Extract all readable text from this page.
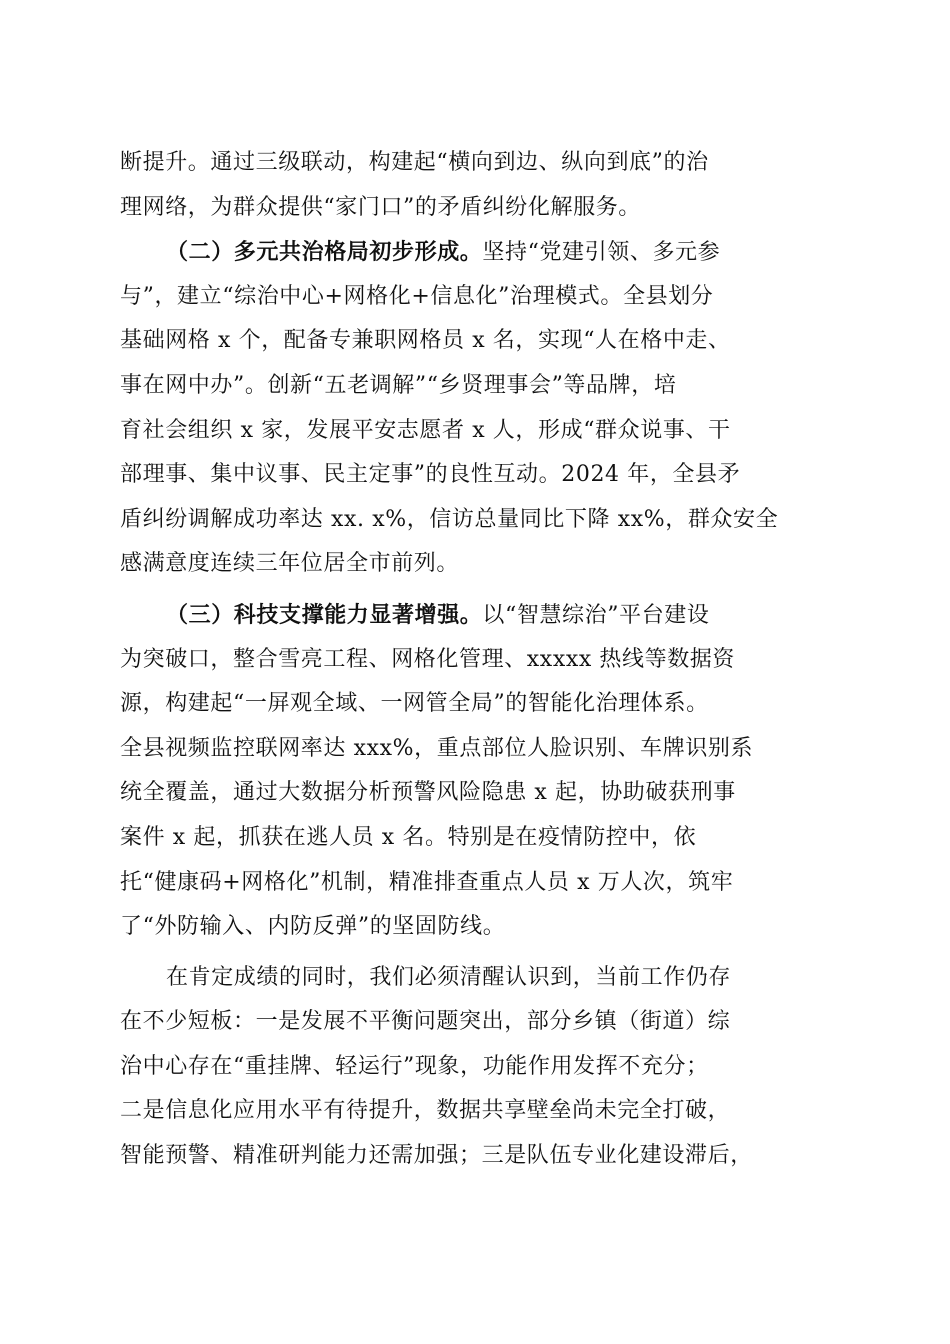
断提升。通过三级联动，构建起“横向到边、纵向到底”的治
理网络，为群众提供“家门口”的矛盾纠纷化解服务。
（二）多元共治格局初步形成。坚持“党建引领、多元参
与”，建立“综治中心+网格化+信息化”治理模式。全县划分
基础网格 x 个，配备专兼职网格员 x 名，实现“人在格中走、
事在网中办”。创新“五老调解”“乡贤理事会”等品牌，培
育社会组织 x 家，发展平安志愿者 x 人，形成“群众说事、干
部理事、集中议事、民主定事”的良性互动。2024 年，全县矛
盾纠纷调解成功率达 xx. x%，信访总量同比下降 xx%，群众安全
感满意度连续三年位居全市前列。
（三）科技支撑能力显著增强。以“智慧综治”平台建设
为突破口，整合雪亮工程、网格化管理、xxxxx 热线等数据资
源，构建起“一屏观全域、一网管全局”的智能化治理体系。
全县视频监控联网率达 xxx%，重点部位人脸识别、车牌识别系
统全覆盖，通过大数据分析预警风险隐患 x 起，协助破获刑事
案件 x 起，抓获在逃人员 x 名。特别是在疫情防控中，依
托“健康码+网格化”机制，精准排查重点人员 x 万人次，筑牢
了“外防输入、内防反弹”的坚固防线。
在肯定成绩的同时，我们必须清醒认识到，当前工作仍存
在不少短板：一是发展不平衡问题突出，部分乡镇（街道）综
治中心存在“重挂牌、轻运行”现象，功能作用发挥不充分；
二是信息化应用水平有待提升，数据共享壁垒尚未完全打破，
智能预警、精准研判能力还需加强；三是队伍专业化建设滞后，
